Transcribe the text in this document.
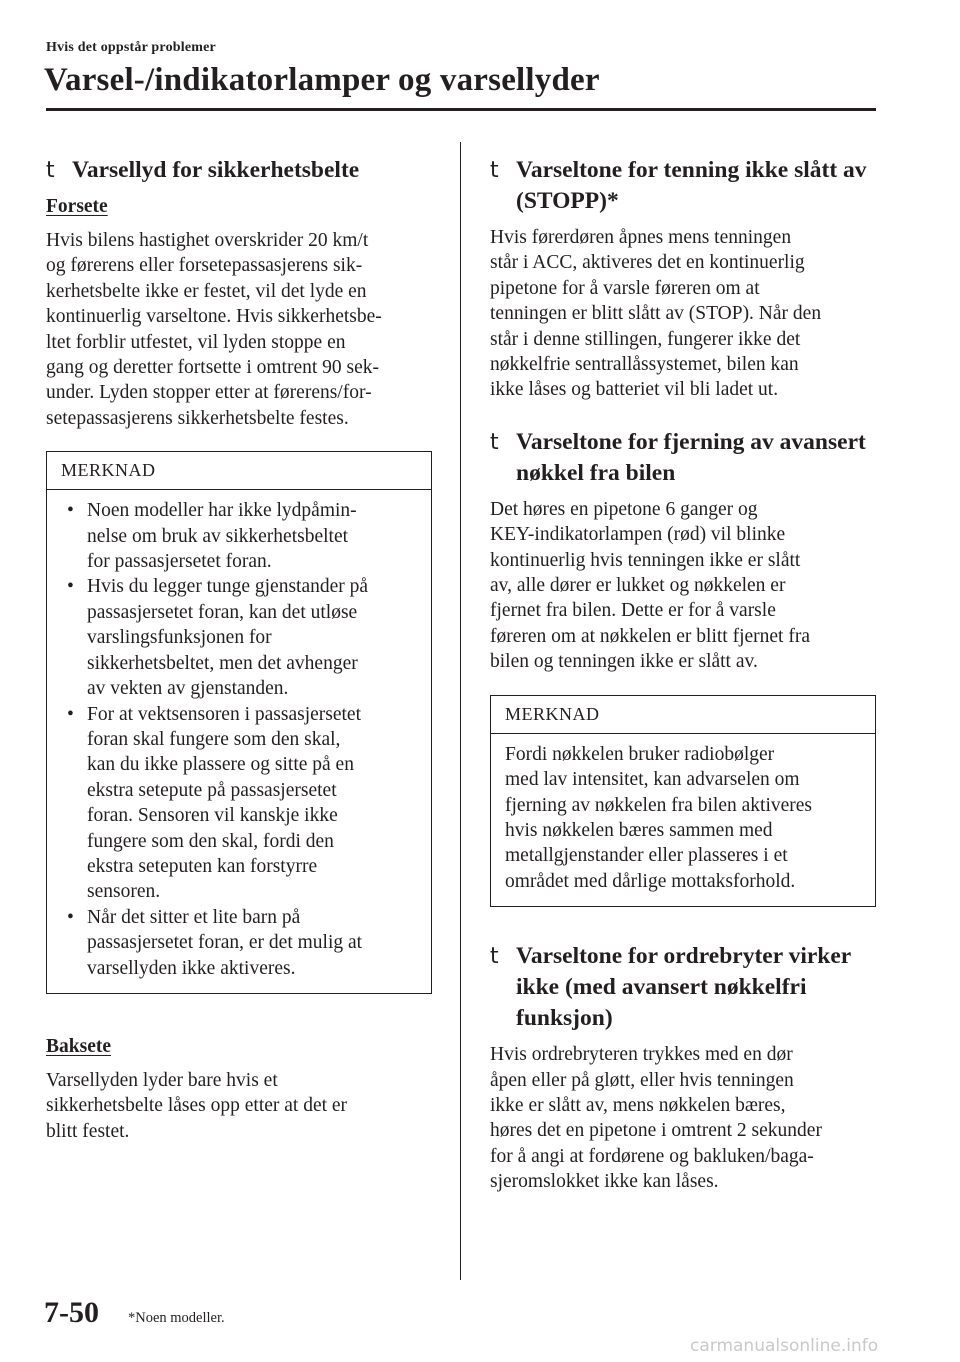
Hvis det oppstår problemer
Varsel-/indikatorlamper og varsellyder
t Varsellyd for sikkerhetsbelte
Forsete

Hvis bilens hastighet overskrider 20 km/t
og førerens eller forsetepassasjerens sik-
kerhetsbelte ikke er festet, vil det lyde en
kontinuerlig varseltone. Hvis sikkerhetsbe-
ltet forblir utfestet, vil lyden stoppe en
gang og deretter fortsette i omtrent 90 sek-
under. Lyden stopper etter at førerens/for-
setepassasjerens sikkerhetsbelte festes.

MERKNAD
• Noen modeller har ikke lydpåmin-
nelse om bruk av sikkerhetsbeltet
for passasjersetet foran.
• Hvis du legger tunge gjenstander på
passasjersetet foran, kan det utløse
varslingsfunksjonen for
sikkerhetsbeltet, men det avhenger
av vekten av gjenstanden.
• For at vektsensoren i passasjersetet
foran skal fungere som den skal,
kan du ikke plassere og sitte på en
ekstra setepute på passasjersetet
foran. Sensoren vil kanskje ikke
fungere som den skal, fordi den
ekstra seteputen kan forstyrre
sensoren.
• Når det sitter et lite barn på
passasjersetet foran, er det mulig at
varsellyden ikke aktiveres.
Baksete

Varsellyden lyder bare hvis et
sikkerhetsbelte låses opp etter at det er
blitt festet.

t Varseltone for tenning ikke slått av (STOPP)*

Hvis førerdøren åpnes mens tenningen
står i ACC, aktiveres det en kontinuerlig
pipetone for å varsle føreren om at
tenningen er blitt slått av (STOP). Når den
står i denne stillingen, fungerer ikke det
nøkkelfrie sentrallåssystemet, bilen kan
ikke låses og batteriet vil bli ladet ut.

t Varseltone for fjerning av avansert nøkkel fra bilen

Det høres en pipetone 6 ganger og
KEY-indikatorlampen (rød) vil blinke
kontinuerlig hvis tenningen ikke er slått
av, alle dører er lukket og nøkkelen er
fjernet fra bilen. Dette er for å varsle
føreren om at nøkkelen er blitt fjernet fra
bilen og tenningen ikke er slått av.

MERKNAD

Fordi nøkkelen bruker radiobølger
med lav intensitet, kan advarselen om
fjerning av nøkkelen fra bilen aktiveres
hvis nøkkelen bæres sammen med
metallgjenstander eller plasseres i et
området med dårlige mottaksforhold.

t Varseltone for ordrebryter virker ikke (med avansert nøkkelfri funksjon)

Hvis ordrebryteren trykkes med en dør
åpen eller på gløtt, eller hvis tenningen
ikke er slått av, mens nøkkelen bæres,
høres det en pipetone i omtrent 2 sekunder
for å angi at fordørene og bakluken/baga-
sjeromslokket ikke kan låses.

7-50 *Noen modeller.
carmanualsonline.info
